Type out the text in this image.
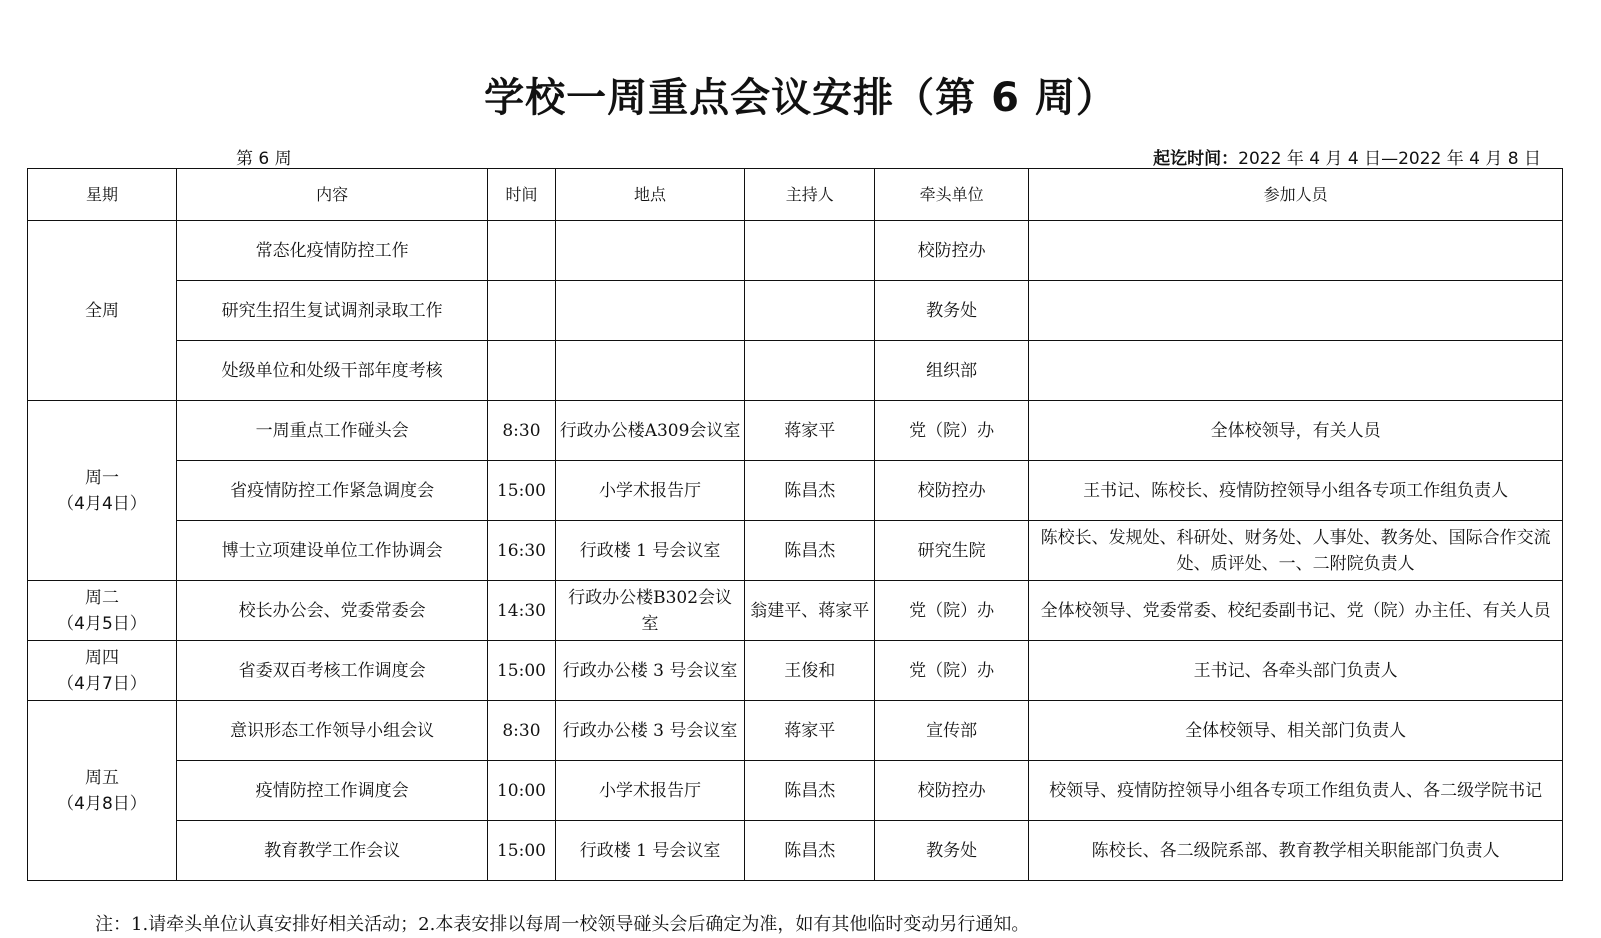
学校一周重点会议安排（第 6 周）
第 6 周	起讫时间：2022 年 4 月 4 日—2022 年 4 月 8 日
星期	内容	时间	地点	主持人	牵头单位	参加人员

全周	常态化疫情防控工作				校防控办	
	研究生招生复试调剂录取工作				教务处	
	处级单位和处级干部年度考核				组织部	

周一
（4月4日）	一周重点工作碰头会	8:30	行政办公楼A309会议室	蒋家平	党（院）办	全体校领导，有关人员
	省疫情防控工作紧急调度会	15:00	小学术报告厅	陈昌杰	校防控办	王书记、陈校长、疫情防控领导小组各专项工作组负责人
	博士立项建设单位工作协调会	16:30	行政楼 1 号会议室	陈昌杰	研究生院	陈校长、发规处、科研处、财务处、人事处、教务处、国际合作交流处、质评处、一、二附院负责人

周二
（4月5日）	校长办公会、党委常委会	14:30	行政办公楼B302会议室	翁建平、蒋家平	党（院）办	全体校领导、党委常委、校纪委副书记、党（院）办主任、有关人员

周四
（4月7日）	省委双百考核工作调度会	15:00	行政办公楼 3 号会议室	王俊和	党（院）办	王书记、各牵头部门负责人

周五
（4月8日）	意识形态工作领导小组会议	8:30	行政办公楼 3 号会议室	蒋家平	宣传部	全体校领导、相关部门负责人
	疫情防控工作调度会	10:00	小学术报告厅	陈昌杰	校防控办	校领导、疫情防控领导小组各专项工作组负责人、各二级学院书记
	教育教学工作会议	15:00	行政楼 1 号会议室	陈昌杰	教务处	陈校长、各二级院系部、教育教学相关职能部门负责人
注：1.请牵头单位认真安排好相关活动；2.本表安排以每周一校领导碰头会后确定为准，如有其他临时变动另行通知。
